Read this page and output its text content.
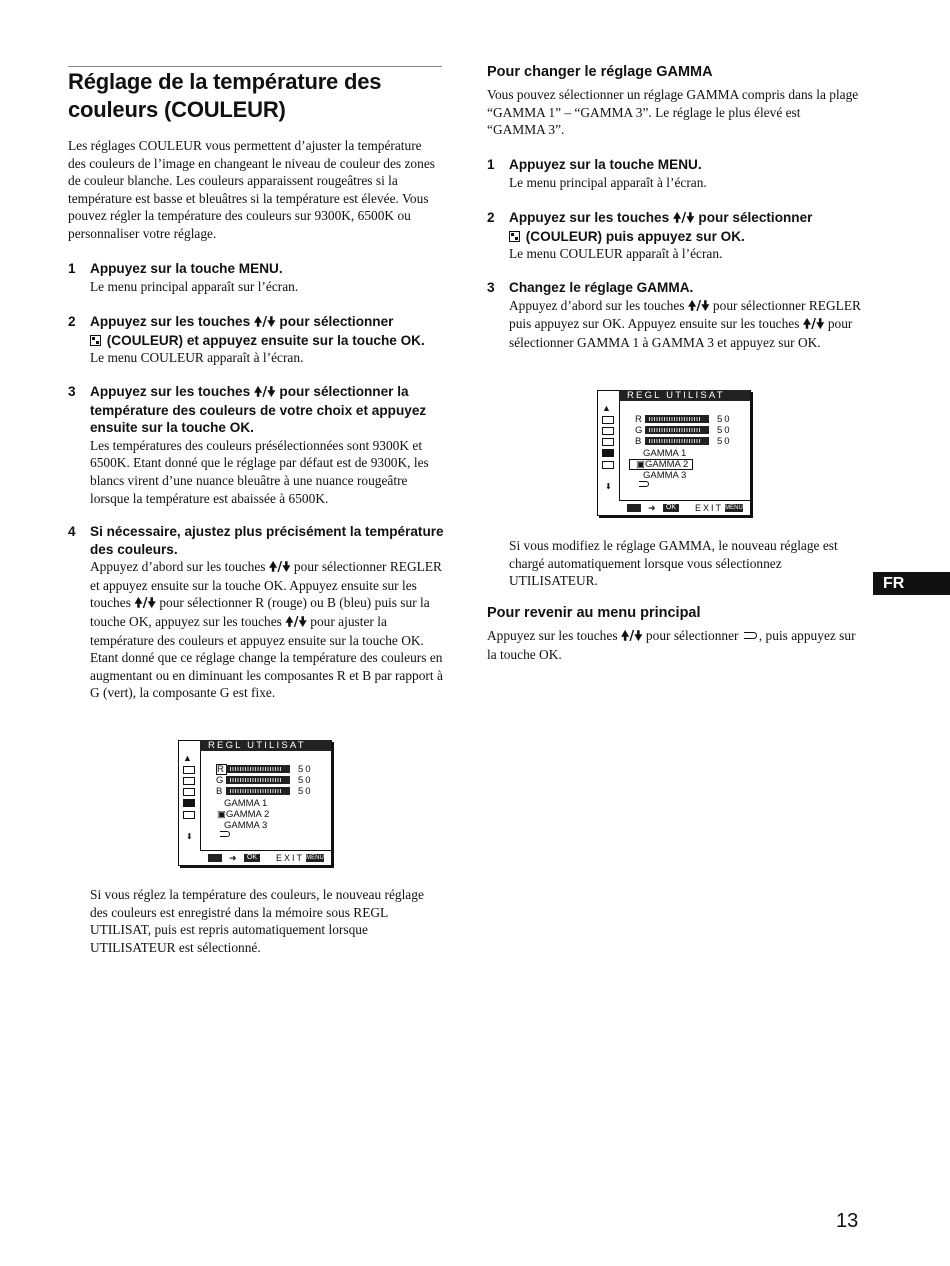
Réglage de la température des couleurs (COULEUR)

Les réglages COULEUR vous permettent d’ajuster la température des couleurs de l’image en changeant le niveau de couleur des zones de couleur blanche. Les couleurs apparaissent rougeâtres si la température est basse et bleuâtres si la température est élevée. Vous pouvez régler la température des couleurs sur 9300K, 6500K ou personnaliser votre réglage.

1 Appuyez sur la touche MENU.

Le menu principal apparaît sur l’écran.

2 Appuyez sur les touches 🠝/🠟 pour sélectionner
(COULEUR) et appuyez ensuite sur la touche OK.

Le menu COULEUR apparaît à l’écran.

3 Appuyez sur les touches 🠝/🠟 pour sélectionner la température des couleurs de votre choix et appuyez ensuite sur la touche OK.

Les températures des couleurs présélectionnées sont 9300K et 6500K. Etant donné que le réglage par défaut est de 9300K, les blancs virent d’une nuance bleuâtre à une nuance rougeâtre lorsque la température est abaissée à 6500K.

4 Si nécessaire, ajustez plus précisément la température des couleurs.

Appuyez d’abord sur les touches 🠝/🠟 pour sélectionner REGLER et appuyez ensuite sur la touche OK. Appuyez ensuite sur les touches 🠝/🠟 pour sélectionner R (rouge) ou B (bleu) puis sur la touche OK, appuyez sur les touches 🠝/🠟 pour ajuster la température des couleurs et appuyez ensuite sur la touche OK. Etant donné que ce réglage change la température des couleurs en augmentant ou en diminuant les composantes R et B par rapport à G (vert), la composante G est fixe.

▲
⬇
REGL UTILISAT
R	50
G	50
B	50
GAMMA 1
▣GAMMA 2
GAMMA 3
➜	OK	EXIT MENU

Si vous réglez la température des couleurs, le nouveau réglage des couleurs est enregistré dans la mémoire sous REGL UTILISAT, puis est repris automatiquement lorsque UTILISATEUR est sélectionné.

Pour changer le réglage GAMMA

Vous pouvez sélectionner un réglage GAMMA compris dans la plage “GAMMA 1” – “GAMMA 3”. Le réglage le plus élevé est “GAMMA 3”.

1 Appuyez sur la touche MENU.

Le menu principal apparaît à l’écran.

2 Appuyez sur les touches 🠝/🠟 pour sélectionner
(COULEUR) puis appuyez sur OK.

Le menu COULEUR apparaît à l’écran.

3 Changez le réglage GAMMA.

Appuyez d’abord sur les touches 🠝/🠟 pour sélectionner REGLER puis appuyez sur OK. Appuyez ensuite sur les touches 🠝/🠟 pour sélectionner GAMMA 1 à GAMMA 3 et appuyez sur OK.

▲
⬇
REGL UTILISAT
R	50
G	50
B	50
GAMMA 1
▣GAMMA 2
GAMMA 3
➜	OK	EXIT MENU

Si vous modifiez le réglage GAMMA, le nouveau réglage est chargé automatiquement lorsque vous sélectionnez UTILISATEUR.

Pour revenir au menu principal

Appuyez sur les touches 🠝/🠟 pour sélectionner , puis appuyez sur la touche OK.

FR
13
